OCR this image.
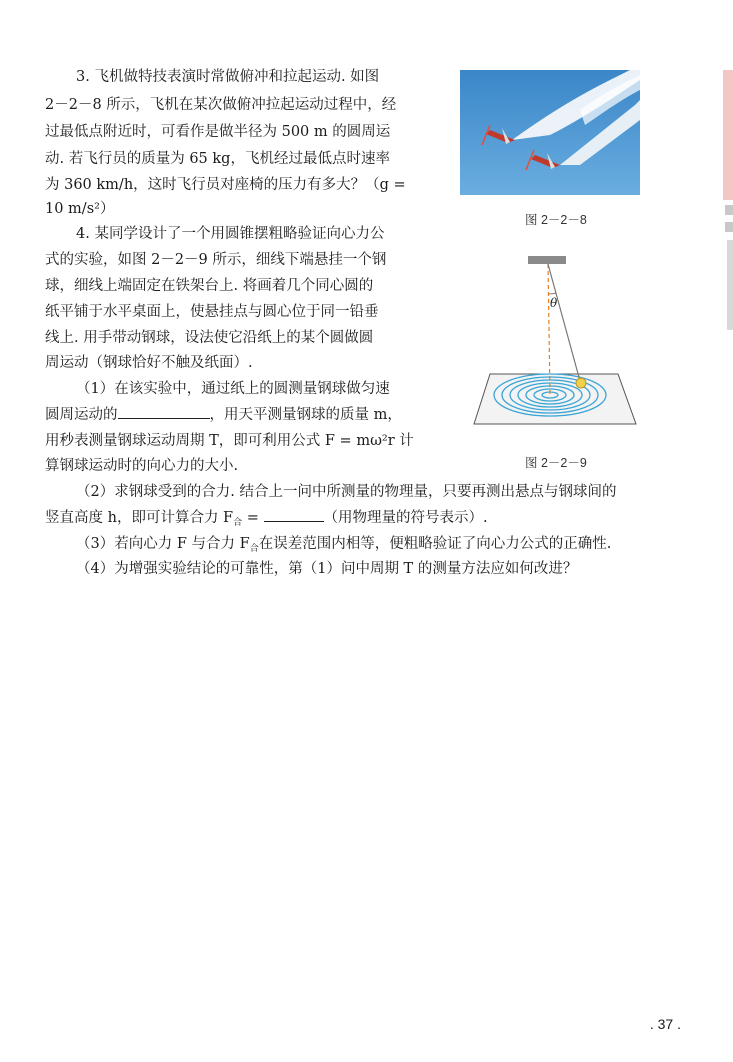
3. 飞机做特技表演时常做俯冲和拉起运动. 如图
2－2－8 所示，飞机在某次做俯冲拉起运动过程中，经
过最低点附近时，可看作是做半径为 500 m 的圆周运
动. 若飞行员的质量为 65 kg，飞机经过最低点时速率
为 360 km/h，这时飞行员对座椅的压力有多大？（g =
10 m/s²）
4. 某同学设计了一个用圆锥摆粗略验证向心力公
式的实验，如图 2－2－9 所示，细线下端悬挂一个钢
球，细线上端固定在铁架台上. 将画着几个同心圆的
纸平铺于水平桌面上，使悬挂点与圆心位于同一铅垂
线上. 用手带动钢球，设法使它沿纸上的某个圆做圆
周运动（钢球恰好不触及纸面）.
（1）在该实验中，通过纸上的圆测量钢球做匀速
圆周运动的	，用天平测量钢球的质量 m，
用秒表测量钢球运动周期 T，即可利用公式 F = mω²r 计
算钢球运动时的向心力的大小.
（2）求钢球受到的合力. 结合上一问中所测量的物理量，只要再测出悬点与钢球间的
竖直高度 h，即可计算合力 $F_合$ =	（用物理量的符号表示）.
（3）若向心力 F 与合力 $F_合$在误差范围内相等，便粗略验证了向心力公式的正确性.
（4）为增强实验结论的可靠性，第（1）问中周期 T 的测量方法应如何改进？
图 2－2－8
θ
图 2－2－9
. 37 .
